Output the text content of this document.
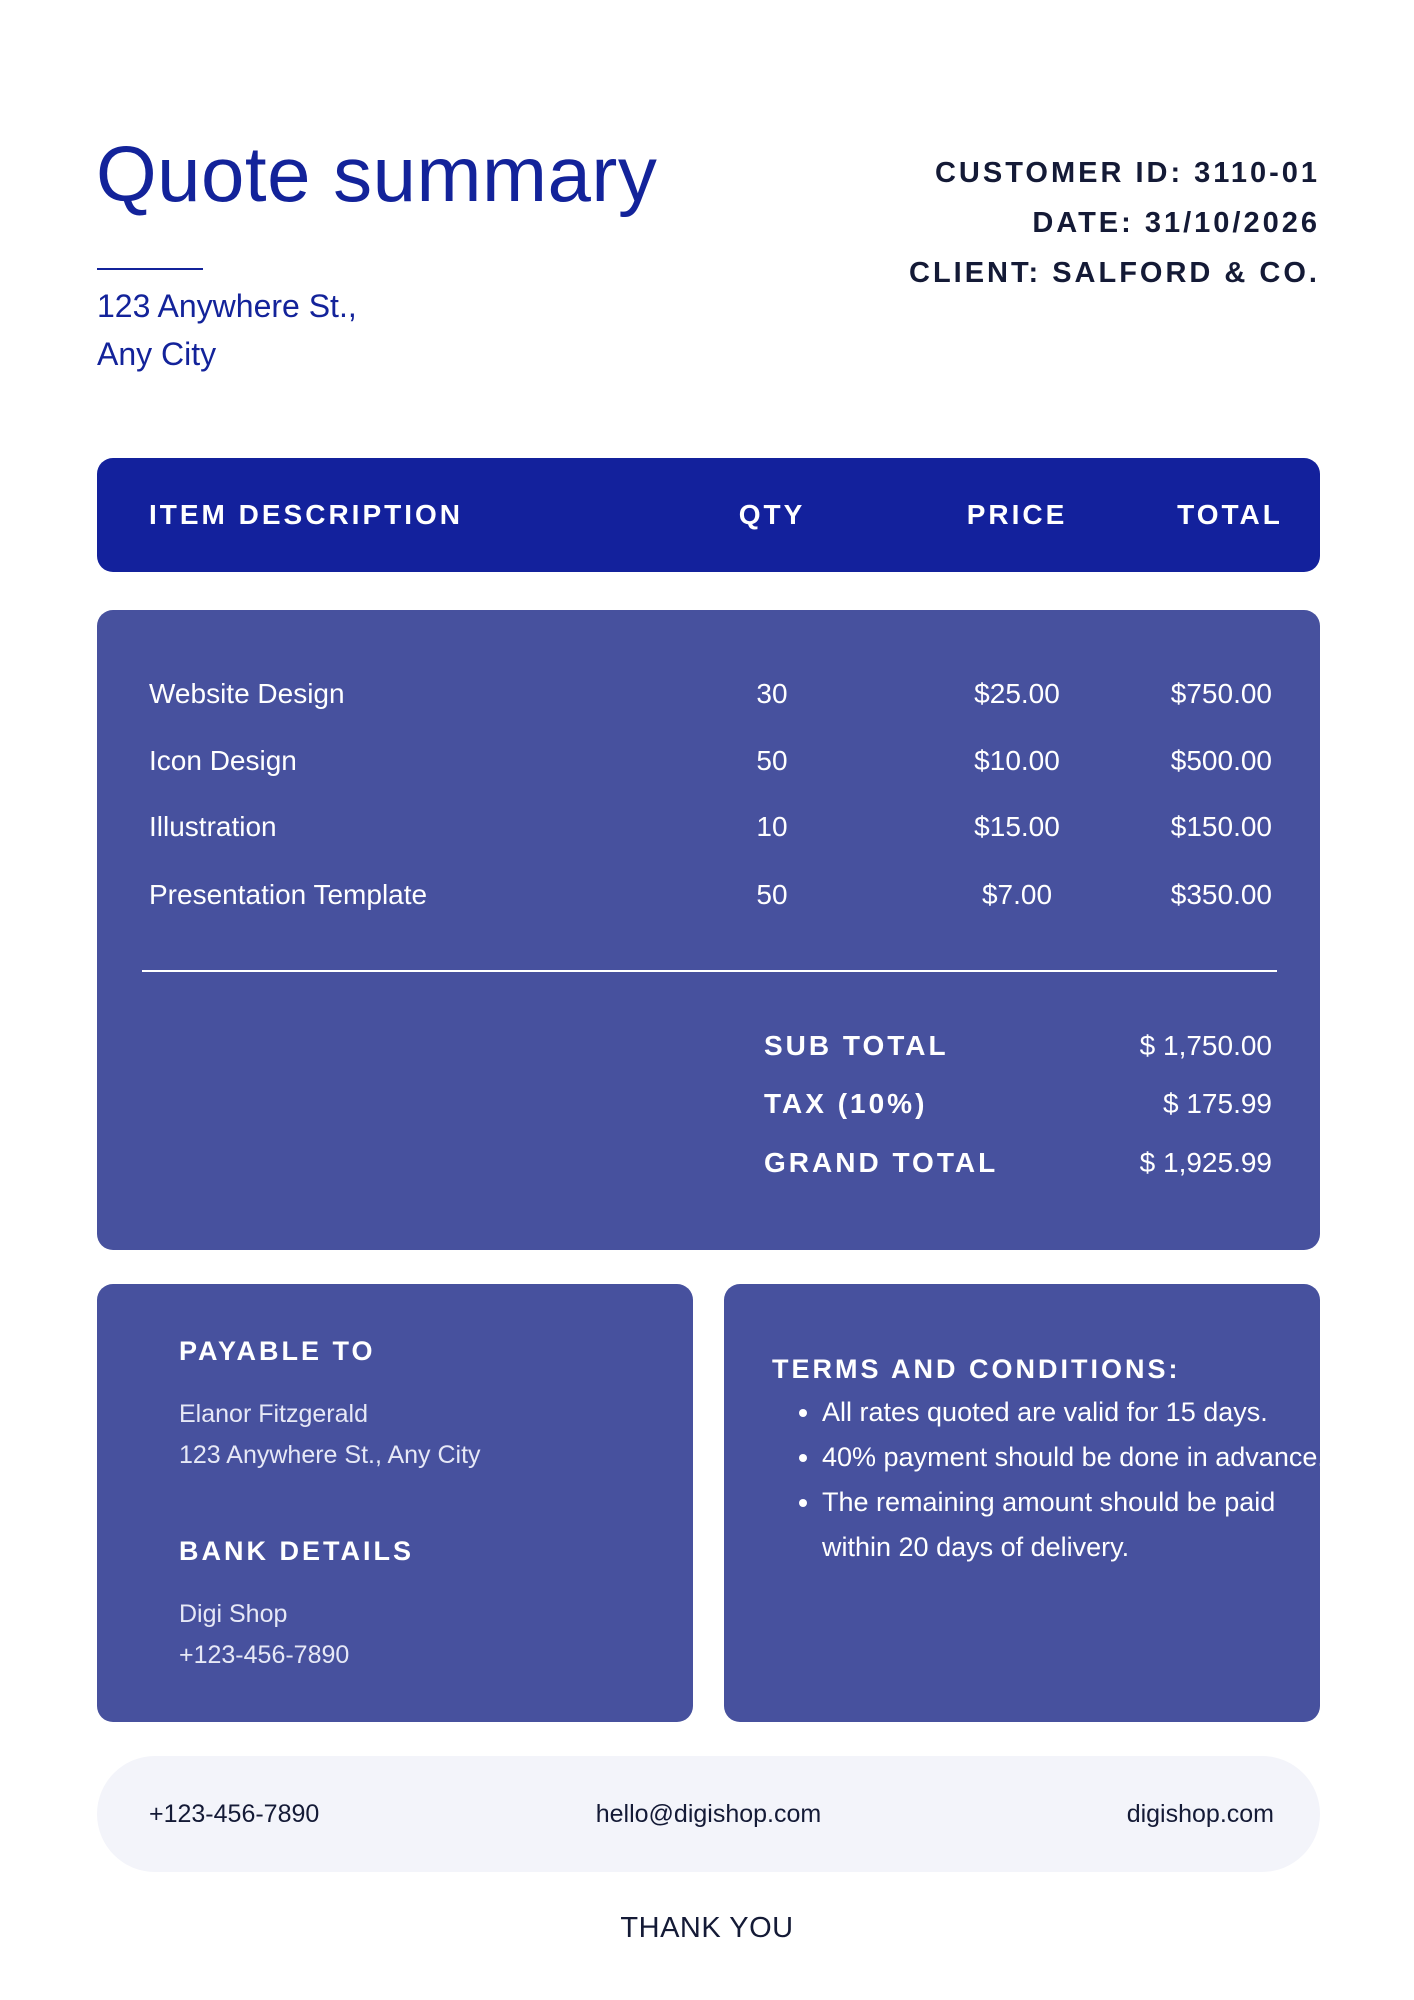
Quote summary
123 Anywhere St.,
Any City
CUSTOMER ID: 3110-01
DATE: 31/10/2026
CLIENT: SALFORD & CO.
ITEM DESCRIPTION	QTY	PRICE	TOTAL
Website Design	30	$25.00	$750.00
Icon Design	50	$10.00	$500.00
Illustration	10	$15.00	$150.00
Presentation Template	50	$7.00	$350.00
SUB TOTAL	$ 1,750.00
TAX (10%)	$ 175.99
GRAND TOTAL	$ 1,925.99
PAYABLE TO
Elanor Fitzgerald
123 Anywhere St., Any City
BANK DETAILS
Digi Shop
+123-456-7890
TERMS AND CONDITIONS:
• All rates quoted are valid for 15 days.
• 40% payment should be done in advance.
• The remaining amount should be paid within 20 days of delivery.
+123-456-7890	hello@digishop.com	digishop.com
THANK YOU
